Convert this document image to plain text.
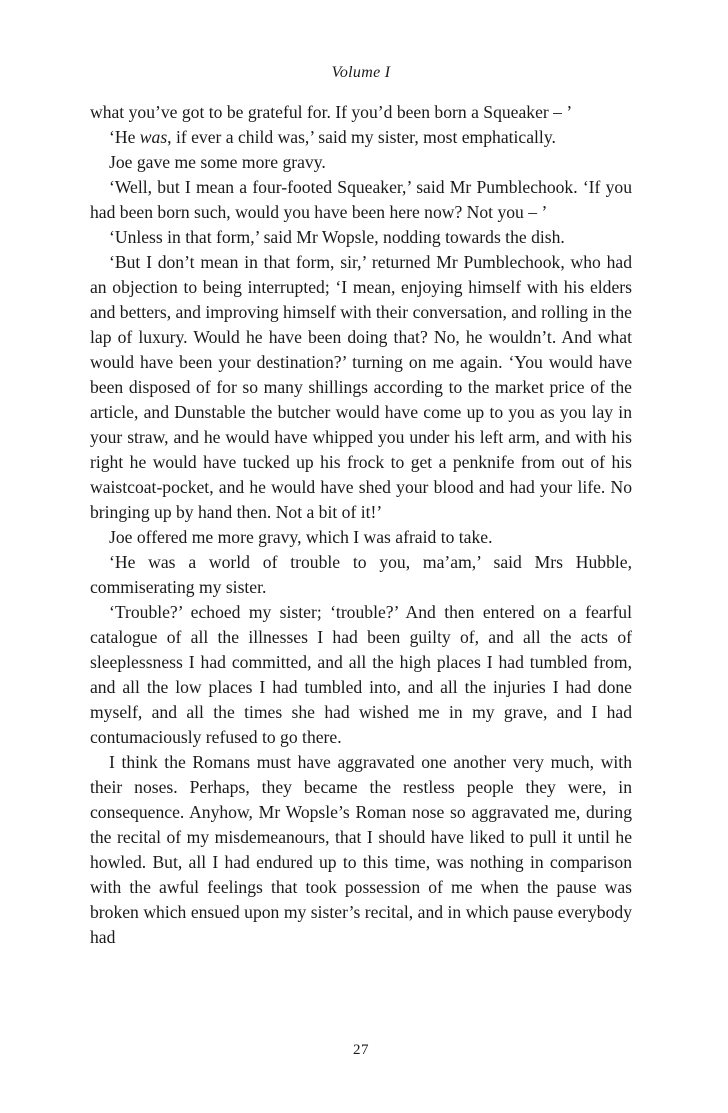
Volume I

what you’ve got to be grateful for. If you’d been born a Squeaker – ’

‘He was, if ever a child was,’ said my sister, most emphatically.

Joe gave me some more gravy.

‘Well, but I mean a four-footed Squeaker,’ said Mr Pumblechook. ‘If you had been born such, would you have been here now? Not you – ’

‘Unless in that form,’ said Mr Wopsle, nodding towards the dish.

‘But I don’t mean in that form, sir,’ returned Mr Pumblechook, who had an objection to being interrupted; ‘I mean, enjoying himself with his elders and betters, and improving himself with their conversation, and rolling in the lap of luxury. Would he have been doing that? No, he wouldn’t. And what would have been your destination?’ turning on me again. ‘You would have been disposed of for so many shillings according to the market price of the article, and Dunstable the butcher would have come up to you as you lay in your straw, and he would have whipped you under his left arm, and with his right he would have tucked up his frock to get a penknife from out of his waistcoat-pocket, and he would have shed your blood and had your life. No bringing up by hand then. Not a bit of it!’

Joe offered me more gravy, which I was afraid to take.

‘He was a world of trouble to you, ma’am,’ said Mrs Hubble, commiserating my sister.

‘Trouble?’ echoed my sister; ‘trouble?’ And then entered on a fearful catalogue of all the illnesses I had been guilty of, and all the acts of sleeplessness I had committed, and all the high places I had tumbled from, and all the low places I had tumbled into, and all the injuries I had done myself, and all the times she had wished me in my grave, and I had contumaciously refused to go there.

I think the Romans must have aggravated one another very much, with their noses. Perhaps, they became the restless people they were, in consequence. Anyhow, Mr Wopsle’s Roman nose so aggravated me, during the recital of my misdemeanours, that I should have liked to pull it until he howled. But, all I had endured up to this time, was nothing in comparison with the awful feelings that took possession of me when the pause was broken which ensued upon my sister’s recital, and in which pause everybody had

27
